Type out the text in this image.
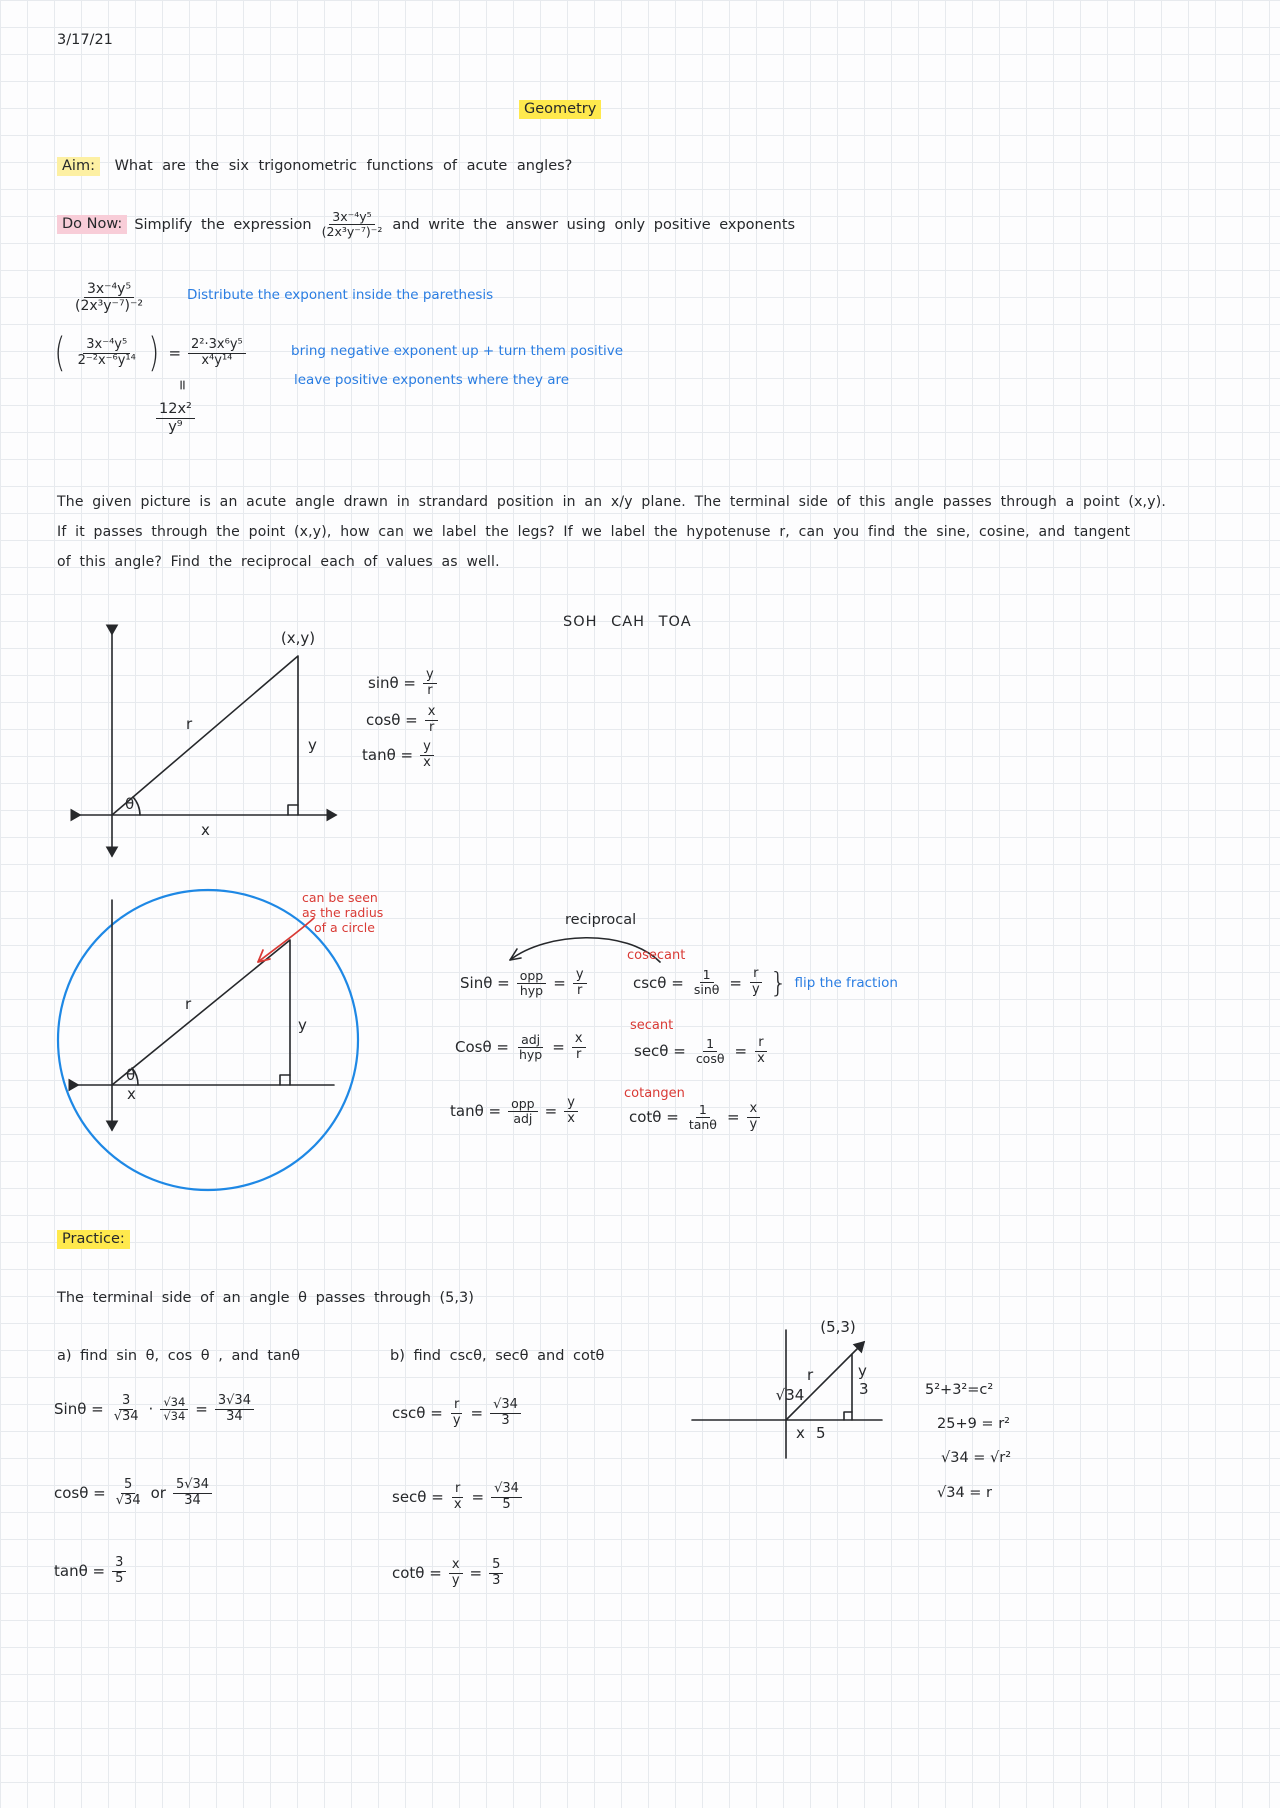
3/17/21
Geometry
Aim: What are the six trigonometric functions of acute angles?
Do Now: Simplify the expression $\frac{\text{3x⁻⁴y⁵}}{\text{(2x³y⁻⁷)⁻²}}$ and write the answer using only positive exponents
$\frac{\text{3x⁻⁴y⁵}}{\text{(2x³y⁻⁷)⁻²}}$	Distribute the exponent inside the parethesis
( $\frac{\text{3x⁻⁴y⁵}}{\text{2⁻²x⁻⁶y¹⁴}}$ ) = $\frac{\text{2²·3x⁶y⁵}}{\text{x⁴y¹⁴}}$	bring negative exponent up + turn them positive
leave positive exponents where they are
=
$\frac{\text{12x²}}{\text{y⁹}}$
The given picture is an acute angle drawn in strandard position in an x/y plane. The terminal side of this angle passes through a point (x,y).
If it passes through the point (x,y), how can we label the legs? If we label the hypotenuse r, can you find the sine, cosine, and tangent
of this angle? Find the reciprocal each of values as well.
SOH CAH TOA
(x,y)
r
y
x
θ
$\sin\theta = \frac{y}{r}$
$\cos\theta = \frac{x}{r}$
$\tan\theta = \frac{y}{x}$
r
y
x
θ
can be seen
as the radius
of a circle
$Sin\theta = \frac{\text{opp}}{\text{hyp}} = \frac{y}{r}$
$Cos\theta = \frac{\text{adj}}{\text{hyp}} = \frac{x}{r}$
$\tan\theta = \frac{\text{opp}}{\text{adj}} = \frac{y}{x}$
reciprocal
cosecant
$\csc\theta = \frac{1}{\sin\theta} = \frac{r}{y}$ } flip the fraction
secant
$\sec\theta = \frac{1}{\cos\theta} = \frac{r}{x}$
cotangen
$\cot\theta = \frac{1}{\tan\theta} = \frac{x}{y}$
Practice:
The terminal side of an angle θ passes through (5,3)
a) find sin θ, cos θ , and tanθ	b) find cscθ, secθ and cotθ
$Sin\theta = \frac{3}{√34} \cdot \frac{√34}{√34} = \frac{3√34}{34}$
$\cos\theta = \frac{5}{√34}$ or $\frac{5√34}{34}$
$\tan\theta = \frac{3}{5}$
$\csc\theta = \frac{r}{y} = \frac{√34}{3}$
$\sec\theta = \frac{r}{x} = \frac{√34}{5}$
$\cot\theta = \frac{x}{y} = \frac{5}{3}$
(5,3)
r
√34
y
3
x 5
5²+3²=c²
25+9 = r²
√34 = √r²
√34 = r
